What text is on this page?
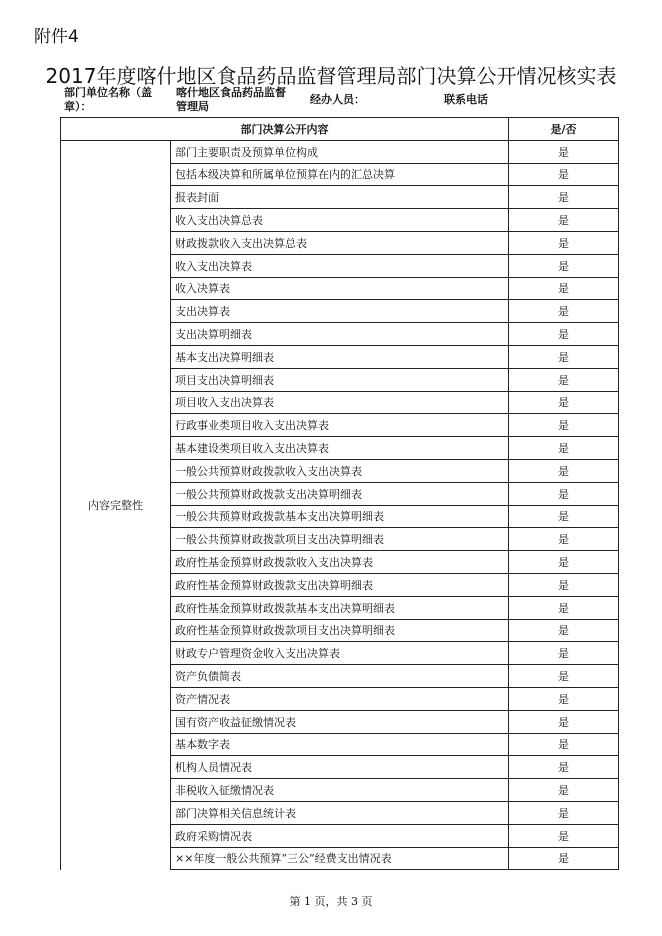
附件4
2017年度喀什地区食品药品监督管理局部门决算公开情况核实表
部门单位名称（盖章）：
喀什地区食品药品监督管理局
经办人员：	联系电话
部门决算公开内容		是/否
内容完整性	部门主要职责及预算单位构成	是
	包括本级决算和所属单位预算在内的汇总决算	是
	报表封面	是
	收入支出决算总表	是
	财政拨款收入支出决算总表	是
	收入支出决算表	是
	收入决算表	是
	支出决算表	是
	支出决算明细表	是
	基本支出决算明细表	是
	项目支出决算明细表	是
	项目收入支出决算表	是
	行政事业类项目收入支出决算表	是
	基本建设类项目收入支出决算表	是
	一般公共预算财政拨款收入支出决算表	是
	一般公共预算财政拨款支出决算明细表	是
	一般公共预算财政拨款基本支出决算明细表	是
	一般公共预算财政拨款项目支出决算明细表	是
	政府性基金预算财政拨款收入支出决算表	是
	政府性基金预算财政拨款支出决算明细表	是
	政府性基金预算财政拨款基本支出决算明细表	是
	政府性基金预算财政拨款项目支出决算明细表	是
	财政专户管理资金收入支出决算表	是
	资产负债简表	是
	资产情况表	是
	国有资产收益征缴情况表	是
	基本数字表	是
	机构人员情况表	是
	非税收入征缴情况表	是
	部门决算相关信息统计表	是
	政府采购情况表	是
	××年度一般公共预算“三公”经费支出情况表	是
第 1 页，共 3 页
